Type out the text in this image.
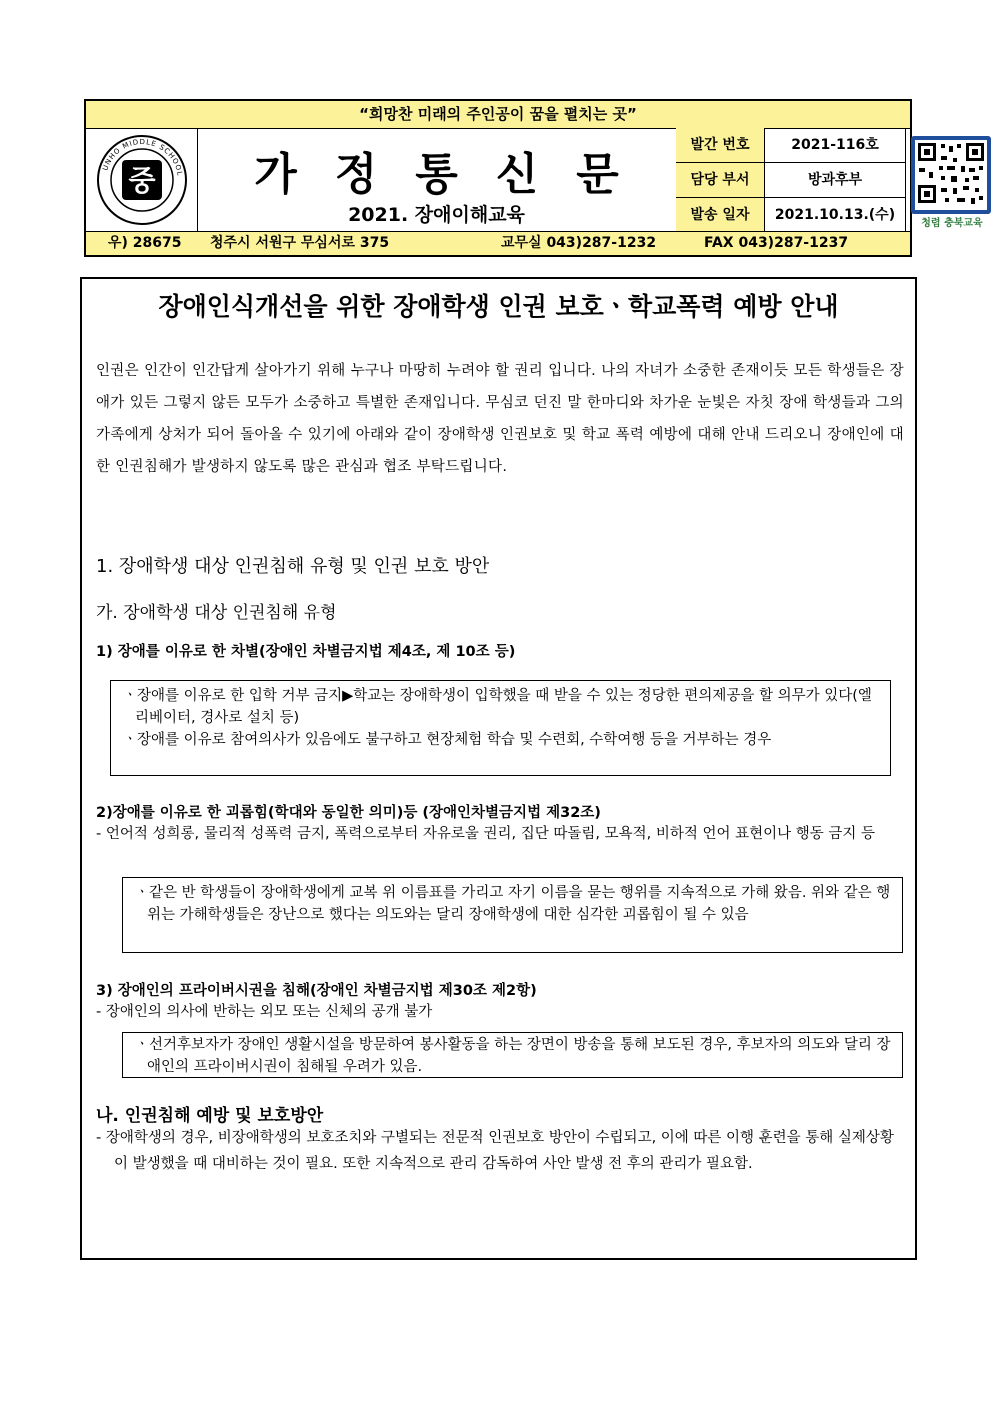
“희망찬 미래의 주인공이 꿈을 펼치는 곳”
UNHO MIDDLE SCHOOL
중	가정통신문
2021. 장애이해교육
발간 번호	2021-116호
담당 부서	방과후부
발송 일자	2021.10.13.(수)
청렴 충북교육
우) 28675 청주시 서원구 무심서로 375	교무실 043)287-1232	FAX 043)287-1237
장애인식개선을 위한 장애학생 인권 보호ㆍ학교폭력 예방 안내
인권은 인간이 인간답게 살아가기 위해 누구나 마땅히 누려야 할 권리 입니다. 나의 자녀가 소중한 존재이듯 모든 학생들은 장애가 있든 그렇지 않든 모두가 소중하고 특별한 존재입니다. 무심코 던진 말 한마디와 차가운 눈빛은 자칫 장애 학생들과 그의 가족에게 상처가 되어 돌아올 수 있기에 아래와 같이 장애학생 인권보호 및 학교 폭력 예방에 대해 안내 드리오니 장애인에 대한 인권침해가 발생하지 않도록 많은 관심과 협조 부탁드립니다.
1. 장애학생 대상 인권침해 유형 및 인권 보호 방안
가. 장애학생 대상 인권침해 유형
1) 장애를 이유로 한 차별(장애인 차별금지법 제4조, 제 10조 등)
ㆍ장애를 이유로 한 입학 거부 금지▶학교는 장애학생이 입학했을 때 받을 수 있는 정당한 편의제공을 할 의무가 있다(엘리베이터, 경사로 설치 등)
ㆍ장애를 이유로 참여의사가 있음에도 불구하고 현장체험 학습 및 수련회, 수학여행 등을 거부하는 경우
2)장애를 이유로 한 괴롭힘(학대와 동일한 의미)등 (장애인차별금지법 제32조)
- 언어적 성희롱, 물리적 성폭력 금지, 폭력으로부터 자유로울 권리, 집단 따돌림, 모욕적, 비하적 언어 표현이나 행동 금지 등
ㆍ같은 반 학생들이 장애학생에게 교복 위 이름표를 가리고 자기 이름을 묻는 행위를 지속적으로 가해 왔음. 위와 같은 행위는 가해학생들은 장난으로 했다는 의도와는 달리 장애학생에 대한 심각한 괴롭힘이 될 수 있음
3) 장애인의 프라이버시권을 침해(장애인 차별금지법 제30조 제2항)
- 장애인의 의사에 반하는 외모 또는 신체의 공개 불가
ㆍ선거후보자가 장애인 생활시설을 방문하여 봉사활동을 하는 장면이 방송을 통해 보도된 경우, 후보자의 의도와 달리 장애인의 프라이버시권이 침해될 우려가 있음.
나. 인권침해 예방 및 보호방안
- 장애학생의 경우, 비장애학생의 보호조치와 구별되는 전문적 인권보호 방안이 수립되고, 이에 따른 이행 훈련을 통해 실제상황이 발생했을 때 대비하는 것이 필요. 또한 지속적으로 관리 감독하여 사안 발생 전 후의 관리가 필요함.
